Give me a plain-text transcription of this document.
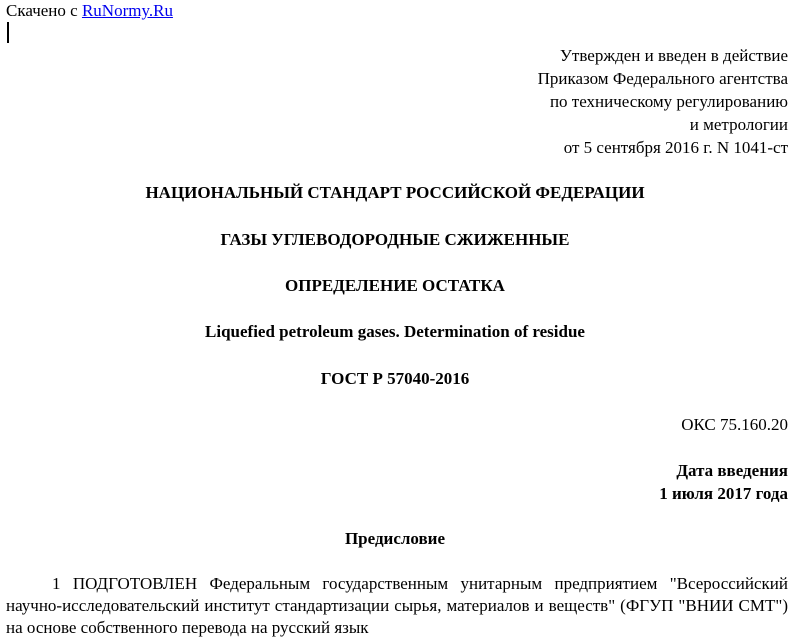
Скачено с RuNormy.Ru
Утвержден и введен в действие
Приказом Федерального агентства
по техническому регулированию
и метрологии
от 5 сентября 2016 г. N 1041-ст
НАЦИОНАЛЬНЫЙ СТАНДАРТ РОССИЙСКОЙ ФЕДЕРАЦИИ
ГАЗЫ УГЛЕВОДОРОДНЫЕ СЖИЖЕННЫЕ
ОПРЕДЕЛЕНИЕ ОСТАТКА
Liquefied petroleum gases. Determination of residue
ГОСТ Р 57040-2016
ОКС 75.160.20
Дата введения
1 июля 2017 года
Предисловие
1 ПОДГОТОВЛЕН Федеральным государственным унитарным предприятием "Всероссийский научно-исследовательский институт стандартизации сырья, материалов и веществ" (ФГУП "ВНИИ СМТ") на основе собственного перевода на русский язык
